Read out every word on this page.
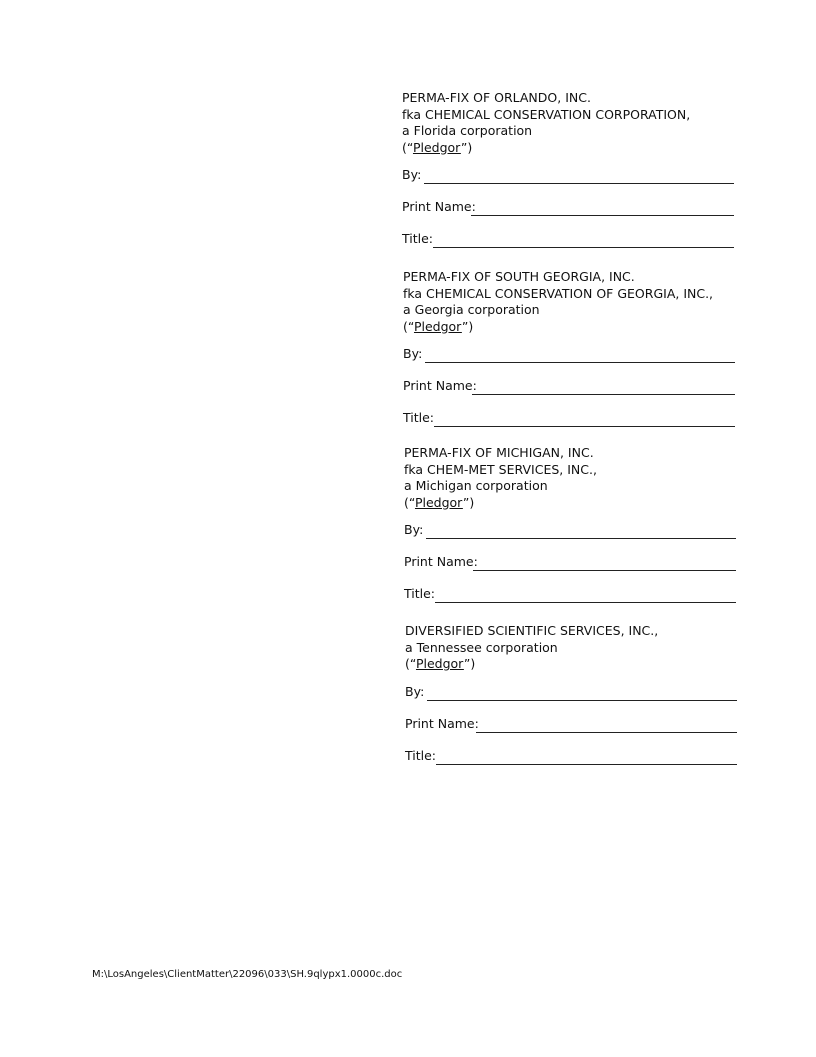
PERMA-FIX OF ORLANDO, INC.
fka CHEMICAL CONSERVATION CORPORATION,
a Florida corporation
(“Pledgor”)
By:
Print Name:
Title:
PERMA-FIX OF SOUTH GEORGIA, INC.
fka CHEMICAL CONSERVATION OF GEORGIA, INC.,
a Georgia corporation
(“Pledgor”)
By:
Print Name:
Title:
PERMA-FIX OF MICHIGAN, INC.
fka CHEM-MET SERVICES, INC.,
a Michigan corporation
(“Pledgor”)
By:
Print Name:
Title:
DIVERSIFIED SCIENTIFIC SERVICES, INC.,
a Tennessee corporation
(“Pledgor”)
By:
Print Name:
Title:
M:\LosAngeles\ClientMatter\22096\033\SH.9qlypx1.0000c.doc
